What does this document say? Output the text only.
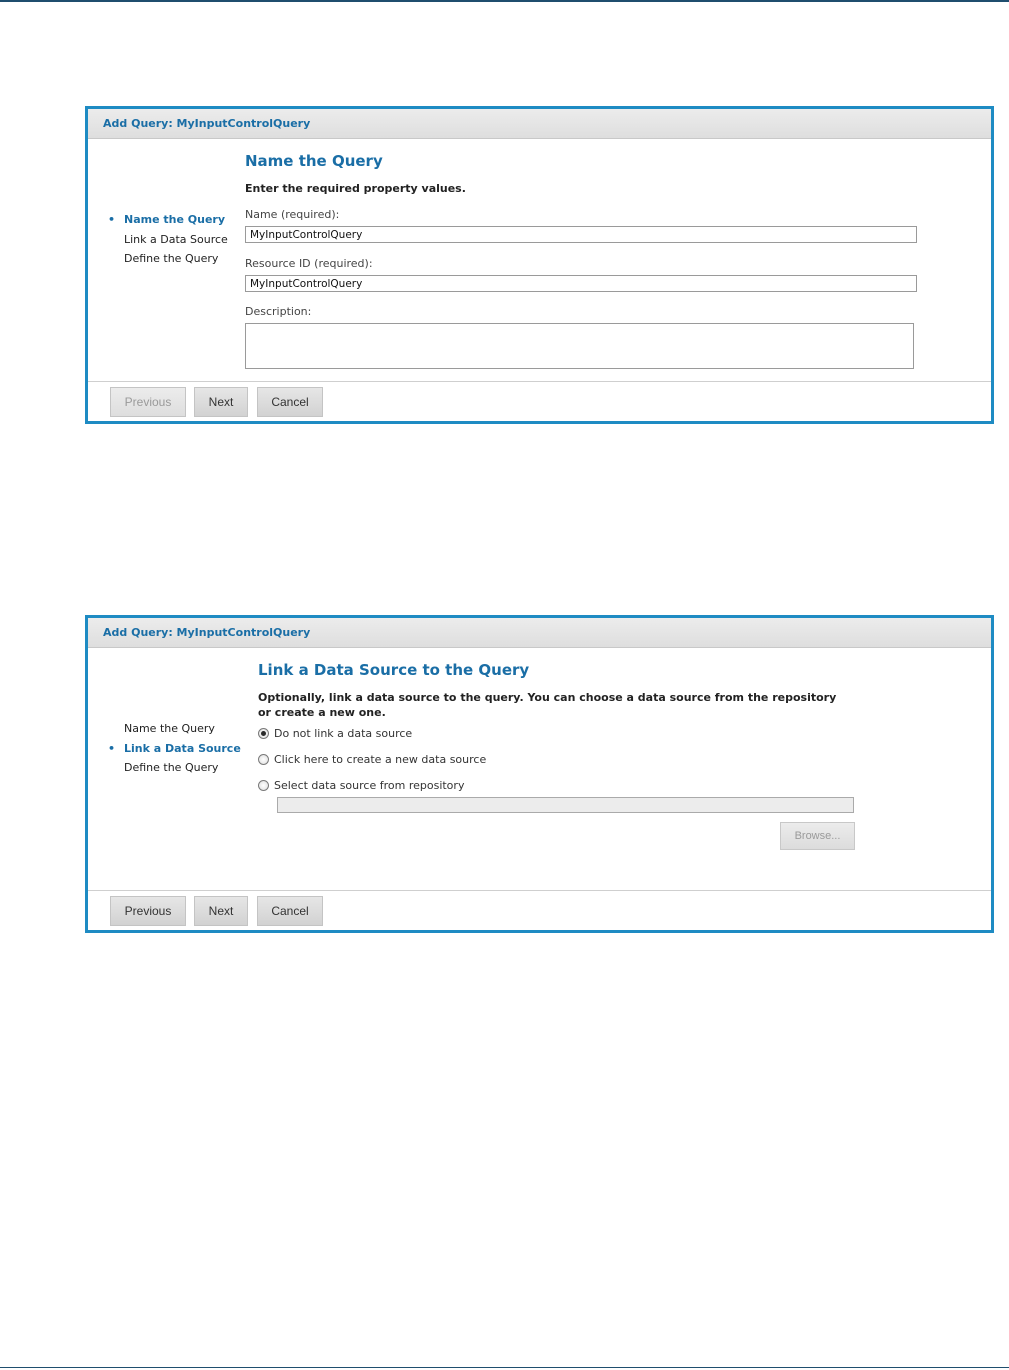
Add Query: MyInputControlQuery
• Name the Query
Link a Data Source
Define the Query
Name the Query
Enter the required property values.
Name (required):
MyInputControlQuery
Resource ID (required):
MyInputControlQuery
Description:
Previous	Next	Cancel
Add Query: MyInputControlQuery
Name the Query
• Link a Data Source
Define the Query
Link a Data Source to the Query
Optionally, link a data source to the query. You can choose a data source from the repository
or create a new one.
Do not link a data source
Click here to create a new data source
Select data source from repository
Browse...
Previous	Next	Cancel
